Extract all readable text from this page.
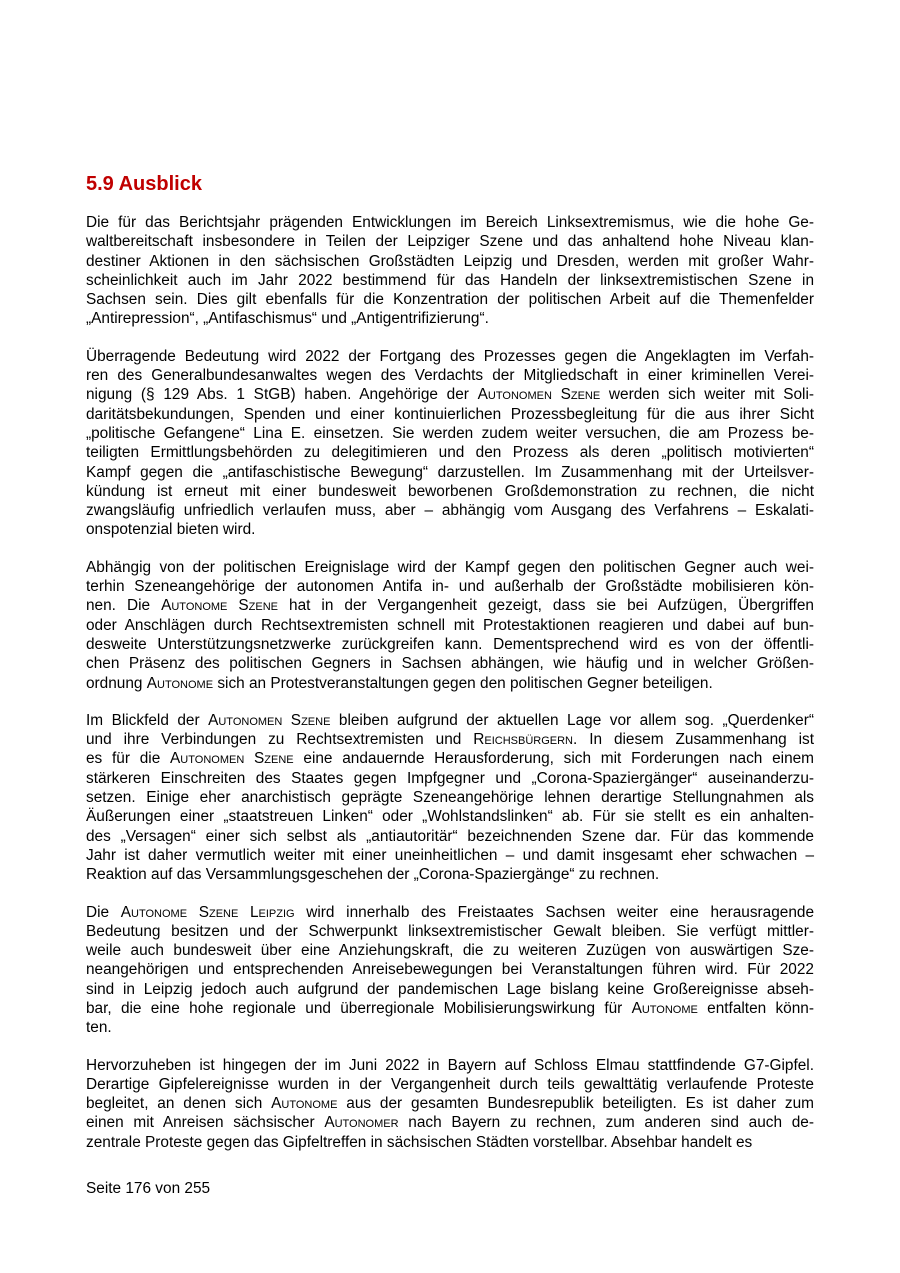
5.9 Ausblick

Die für das Berichtsjahr prägenden Entwicklungen im Bereich Linksextremismus, wie die hohe Ge-
waltbereitschaft insbesondere in Teilen der Leipziger Szene und das anhaltend hohe Niveau klan-
destiner Aktionen in den sächsischen Großstädten Leipzig und Dresden, werden mit großer Wahr-
scheinlichkeit auch im Jahr 2022 bestimmend für das Handeln der linksextremistischen Szene in
Sachsen sein. Dies gilt ebenfalls für die Konzentration der politischen Arbeit auf die Themenfelder
„Antirepression“, „Antifaschismus“ und „Antigentrifizierung“.

Überragende Bedeutung wird 2022 der Fortgang des Prozesses gegen die Angeklagten im Verfah-
ren des Generalbundesanwaltes wegen des Verdachts der Mitgliedschaft in einer kriminellen Verei-
nigung (§ 129 Abs. 1 StGB) haben. Angehörige der Autonomen Szene werden sich weiter mit Soli-
daritätsbekundungen, Spenden und einer kontinuierlichen Prozessbegleitung für die aus ihrer Sicht
„politische Gefangene“ Lina E. einsetzen. Sie werden zudem weiter versuchen, die am Prozess be-
teiligten Ermittlungsbehörden zu delegitimieren und den Prozess als deren „politisch motivierten“
Kampf gegen die „antifaschistische Bewegung“ darzustellen. Im Zusammenhang mit der Urteilsver-
kündung ist erneut mit einer bundesweit beworbenen Großdemonstration zu rechnen, die nicht
zwangsläufig unfriedlich verlaufen muss, aber – abhängig vom Ausgang des Verfahrens – Eskalati-
onspotenzial bieten wird.

Abhängig von der politischen Ereignislage wird der Kampf gegen den politischen Gegner auch wei-
terhin Szeneangehörige der autonomen Antifa in- und außerhalb der Großstädte mobilisieren kön-
nen. Die Autonome Szene hat in der Vergangenheit gezeigt, dass sie bei Aufzügen, Übergriffen
oder Anschlägen durch Rechtsextremisten schnell mit Protestaktionen reagieren und dabei auf bun-
desweite Unterstützungsnetzwerke zurückgreifen kann. Dementsprechend wird es von der öffentli-
chen Präsenz des politischen Gegners in Sachsen abhängen, wie häufig und in welcher Größen-
ordnung Autonome sich an Protestveranstaltungen gegen den politischen Gegner beteiligen.

Im Blickfeld der Autonomen Szene bleiben aufgrund der aktuellen Lage vor allem sog. „Querdenker“
und ihre Verbindungen zu Rechtsextremisten und Reichsbürgern. In diesem Zusammenhang ist
es für die Autonomen Szene eine andauernde Herausforderung, sich mit Forderungen nach einem
stärkeren Einschreiten des Staates gegen Impfgegner und „Corona-Spaziergänger“ auseinanderzu-
setzen. Einige eher anarchistisch geprägte Szeneangehörige lehnen derartige Stellungnahmen als
Äußerungen einer „staatstreuen Linken“ oder „Wohlstandslinken“ ab. Für sie stellt es ein anhalten-
des „Versagen“ einer sich selbst als „antiautoritär“ bezeichnenden Szene dar. Für das kommende
Jahr ist daher vermutlich weiter mit einer uneinheitlichen – und damit insgesamt eher schwachen –
Reaktion auf das Versammlungsgeschehen der „Corona-Spaziergänge“ zu rechnen.

Die Autonome Szene Leipzig wird innerhalb des Freistaates Sachsen weiter eine herausragende
Bedeutung besitzen und der Schwerpunkt linksextremistischer Gewalt bleiben. Sie verfügt mittler-
weile auch bundesweit über eine Anziehungskraft, die zu weiteren Zuzügen von auswärtigen Sze-
neangehörigen und entsprechenden Anreisebewegungen bei Veranstaltungen führen wird. Für 2022
sind in Leipzig jedoch auch aufgrund der pandemischen Lage bislang keine Großereignisse abseh-
bar, die eine hohe regionale und überregionale Mobilisierungswirkung für Autonome entfalten könn-
ten.

Hervorzuheben ist hingegen der im Juni 2022 in Bayern auf Schloss Elmau stattfindende G7-Gipfel.
Derartige Gipfelereignisse wurden in der Vergangenheit durch teils gewalttätig verlaufende Proteste
begleitet, an denen sich Autonome aus der gesamten Bundesrepublik beteiligten. Es ist daher zum
einen mit Anreisen sächsischer Autonomer nach Bayern zu rechnen, zum anderen sind auch de-
zentrale Proteste gegen das Gipfeltreffen in sächsischen Städten vorstellbar. Absehbar handelt es

Seite 176 von 255
